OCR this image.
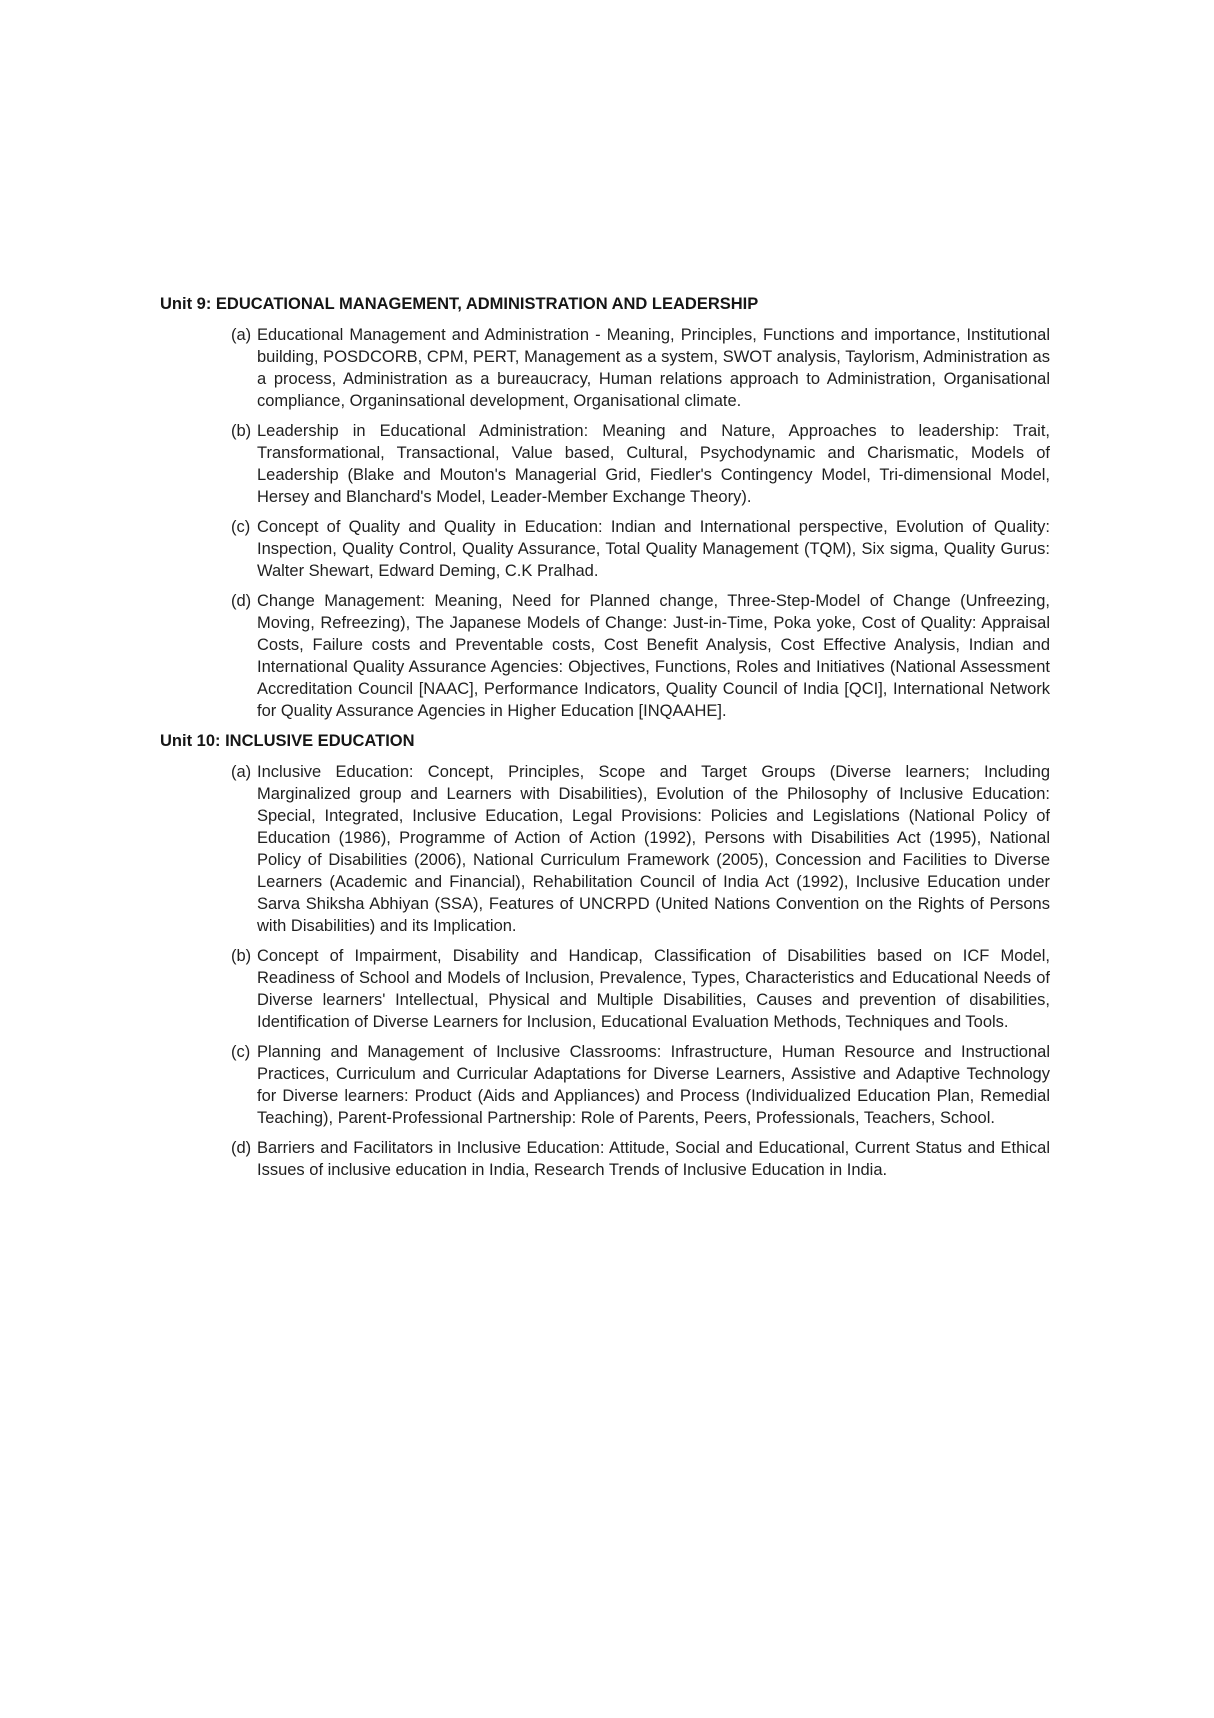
Unit 9: EDUCATIONAL MANAGEMENT, ADMINISTRATION AND LEADERSHIP
(a) Educational Management and Administration - Meaning, Principles, Functions and importance, Institutional building, POSDCORB, CPM, PERT, Management as a system, SWOT analysis, Taylorism, Administration as a process, Administration as a bureaucracy, Human relations approach to Administration, Organisational compliance, Organinsational development, Organisational climate.

(b) Leadership in Educational Administration: Meaning and Nature, Approaches to leadership: Trait, Transformational, Transactional, Value based, Cultural, Psychodynamic and Charismatic, Models of Leadership (Blake and Mouton's Managerial Grid, Fiedler's Contingency Model, Tri-dimensional Model, Hersey and Blanchard's Model, Leader-Member Exchange Theory).

(c) Concept of Quality and Quality in Education: Indian and International perspective, Evolution of Quality: Inspection, Quality Control, Quality Assurance, Total Quality Management (TQM), Six sigma, Quality Gurus: Walter Shewart, Edward Deming, C.K Pralhad.

(d) Change Management: Meaning, Need for Planned change, Three-Step-Model of Change (Unfreezing, Moving, Refreezing), The Japanese Models of Change: Just-in-Time, Poka yoke, Cost of Quality: Appraisal Costs, Failure costs and Preventable costs, Cost Benefit Analysis, Cost Effective Analysis, Indian and International Quality Assurance Agencies: Objectives, Functions, Roles and Initiatives (National Assessment Accreditation Council [NAAC], Performance Indicators, Quality Council of India [QCI], International Network for Quality Assurance Agencies in Higher Education [INQAAHE].

Unit 10: INCLUSIVE EDUCATION
(a) Inclusive Education: Concept, Principles, Scope and Target Groups (Diverse learners; Including Marginalized group and Learners with Disabilities), Evolution of the Philosophy of Inclusive Education: Special, Integrated, Inclusive Education, Legal Provisions: Policies and Legislations (National Policy of Education (1986), Programme of Action of Action (1992), Persons with Disabilities Act (1995), National Policy of Disabilities (2006), National Curriculum Framework (2005), Concession and Facilities to Diverse Learners (Academic and Financial), Rehabilitation Council of India Act (1992), Inclusive Education under Sarva Shiksha Abhiyan (SSA), Features of UNCRPD (United Nations Convention on the Rights of Persons with Disabilities) and its Implication.

(b) Concept of Impairment, Disability and Handicap, Classification of Disabilities based on ICF Model, Readiness of School and Models of Inclusion, Prevalence, Types, Characteristics and Educational Needs of Diverse learners' Intellectual, Physical and Multiple Disabilities, Causes and prevention of disabilities, Identification of Diverse Learners for Inclusion, Educational Evaluation Methods, Techniques and Tools.

(c) Planning and Management of Inclusive Classrooms: Infrastructure, Human Resource and Instructional Practices, Curriculum and Curricular Adaptations for Diverse Learners, Assistive and Adaptive Technology for Diverse learners: Product (Aids and Appliances) and Process (Individualized Education Plan, Remedial Teaching), Parent-Professional Partnership: Role of Parents, Peers, Professionals, Teachers, School.

(d) Barriers and Facilitators in Inclusive Education: Attitude, Social and Educational, Current Status and Ethical Issues of inclusive education in India, Research Trends of Inclusive Education in India.
